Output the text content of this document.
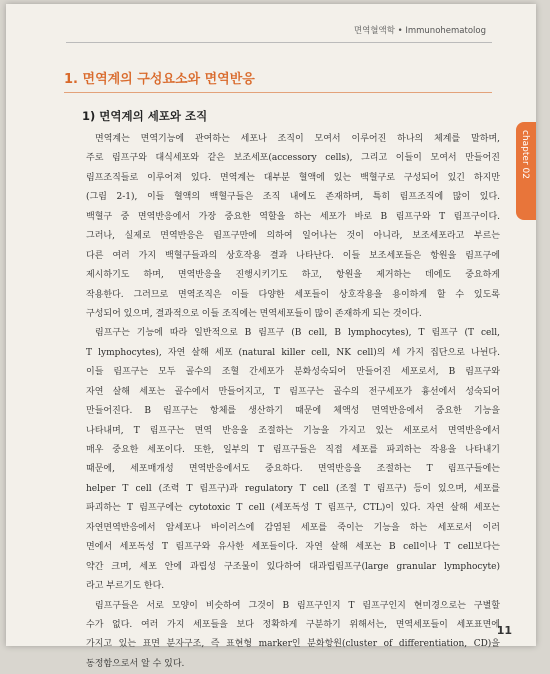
면역혈액학 • Immunohematolog
1. 면역계의 구성요소와 면역반응
1) 면역계의 세포와 조직
면역계는 면역기능에 관여하는 세포나 조직이 모여서 이루어진 하나의 체계를 말하며,
주로 림프구와 대식세포와 같은 보조세포(accessory cells), 그리고 이들이 모여서 만들어진
림프조직들로 이루어져 있다. 면역계는 대부분 혈액에 있는 백혈구로 구성되어 있긴 하지만
(그림 2-1), 이들 혈액의 백혈구들은 조직 내에도 존재하며, 특히 림프조직에 많이 있다.
백혈구 중 면역반응에서 가장 중요한 역할을 하는 세포가 바로 B 림프구와 T 림프구이다.
그러나, 실제로 면역반응은 림프구만에 의하여 일어나는 것이 아니라, 보조세포라고 부르는
다른 여러 가지 백혈구들과의 상호작용 결과 나타난다. 이들 보조세포들은 항원을 림프구에
제시하기도 하며, 면역반응을 진행시키기도 하고, 항원을 제거하는 데에도 중요하게
작용한다. 그러므로 면역조직은 이들 다양한 세포들이 상호작용을 용이하게 할 수 있도록
구성되어 있으며, 결과적으로 이들 조직에는 면역세포들이 많이 존재하게 되는 것이다.
림프구는 기능에 따라 일반적으로 B 림프구 (B cell, B lymphocytes), T 림프구 (T cell,
T lymphocytes), 자연 살해 세포 (natural killer cell, NK cell)의 세 가지 집단으로 나뉜다.
이들 림프구는 모두 골수의 조혈 간세포가 분화성숙되어 만들어진 세포로서, B 림프구와
자연 살해 세포는 골수에서 만들어지고, T 림프구는 골수의 전구세포가 흉선에서 성숙되어
만들어진다. B 림프구는 항체를 생산하기 때문에 체액성 면역반응에서 중요한 기능을
나타내며, T 림프구는 면역 반응을 조절하는 기능을 가지고 있는 세포로서 면역반응에서
매우 중요한 세포이다. 또한, 일부의 T 림프구들은 직접 세포를 파괴하는 작용을 나타내기
때문에, 세포매개성 면역반응에서도 중요하다. 면역반응을 조절하는 T 림프구들에는
helper T cell (조력 T 림프구)과 regulatory T cell (조절 T 림프구) 등이 있으며, 세포를
파괴하는 T 림프구에는 cytotoxic T cell (세포독성 T 림프구, CTL)이 있다. 자연 살해 세포는
자연면역반응에서 암세포나 바이러스에 감염된 세포를 죽이는 기능을 하는 세포로서 이러
면에서 세포독성 T 림프구와 유사한 세포들이다. 자연 살해 세포는 B cell이나 T cell보다는
약간 크며, 세포 안에 과립성 구조물이 있다하여 대과립림프구(large granular lymphocyte)
라고 부르기도 한다.
림프구들은 서로 모양이 비슷하여 그것이 B 림프구인지 T 림프구인지 현미경으로는 구별할
수가 없다. 여러 가지 세포들을 보다 정확하게 구분하기 위해서는, 면역세포들이 세포표면에
가지고 있는 표면 분자구조, 즉 표현형 marker인 분화항원(cluster of differentiation, CD)을
동정함으로서 알 수 있다.
chapter 02
11
